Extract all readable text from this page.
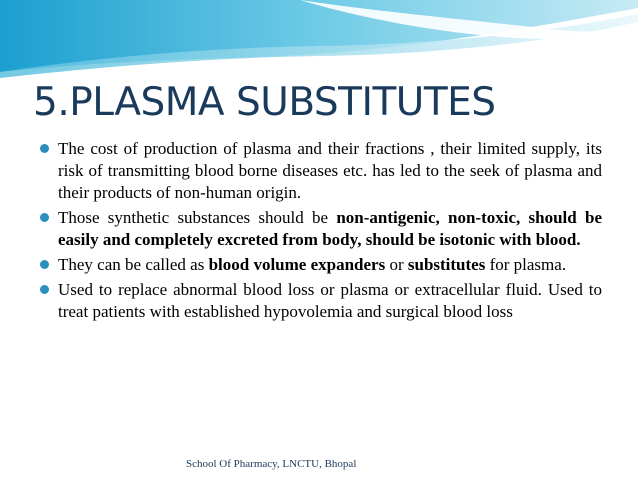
5.PLASMA SUBSTITUTES
The cost of production of plasma and their fractions , their limited supply, its risk of transmitting blood borne diseases etc. has led to the seek of plasma and their products of non-human origin.
Those synthetic substances should be non-antigenic, non-toxic, should be easily and completely excreted from body, should be isotonic with blood.
They can be called as blood volume expanders or substitutes for plasma.
Used to replace abnormal blood loss or plasma or extracellular fluid. Used to treat patients with established hypovolemia and surgical blood loss
School Of Pharmacy, LNCTU, Bhopal
